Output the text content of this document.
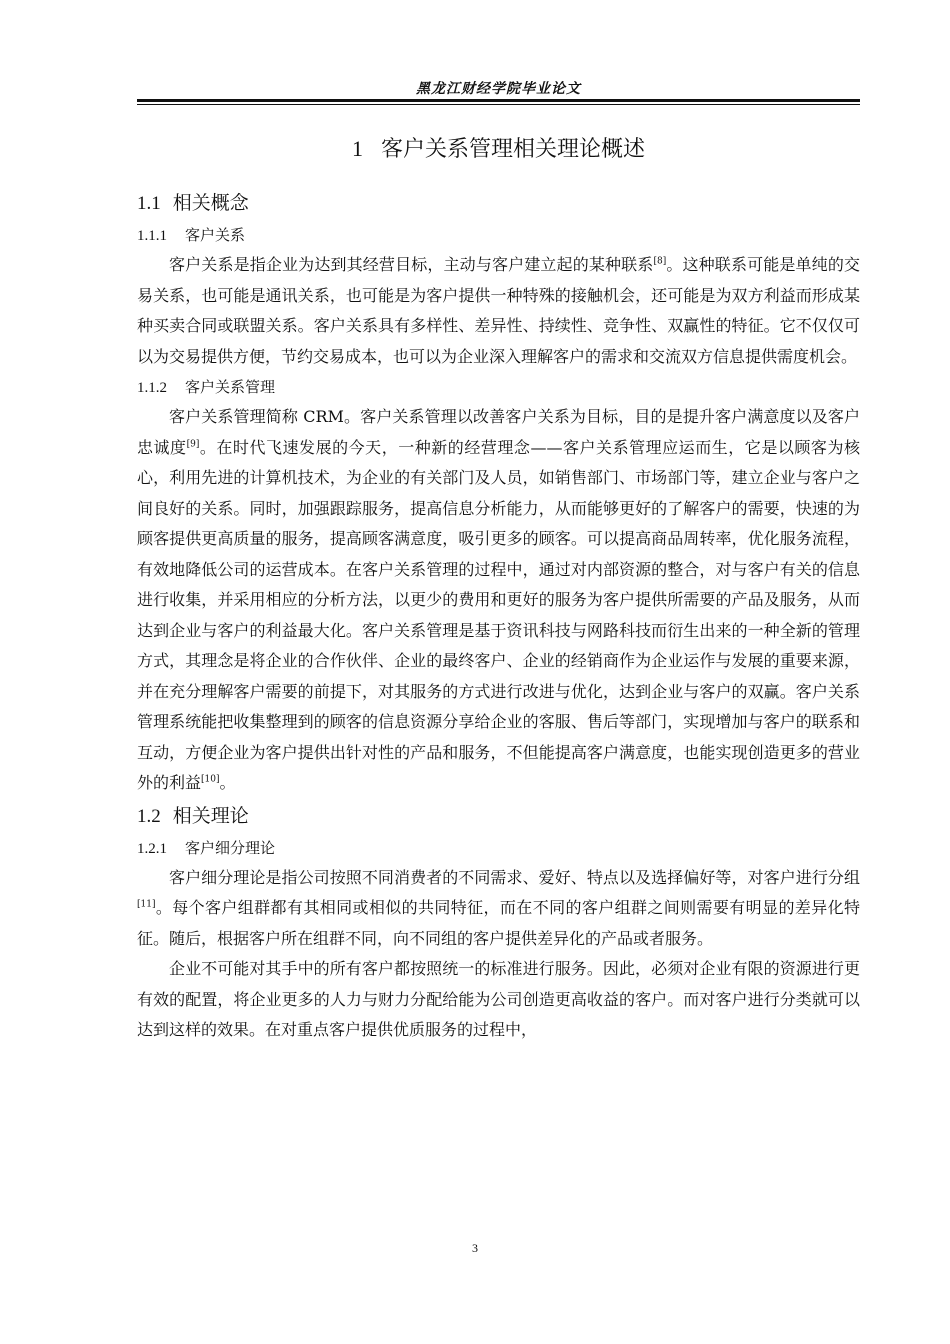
黑龙江财经学院毕业论文
1 客户关系管理相关理论概述
1.1 相关概念
1.1.1 客户关系

客户关系是指企业为达到其经营目标，主动与客户建立起的某种联系[8]。这种联系可能是单纯的交易关系，也可能是通讯关系，也可能是为客户提供一种特殊的接触机会，还可能是为双方利益而形成某种买卖合同或联盟关系。客户关系具有多样性、差异性、持续性、竞争性、双赢性的特征。它不仅仅可以为交易提供方便，节约交易成本，也可以为企业深入理解客户的需求和交流双方信息提供需度机会。

1.1.2 客户关系管理

客户关系管理简称 CRM。客户关系管理以改善客户关系为目标，目的是提升客户满意度以及客户忠诚度[9]。在时代飞速发展的今天，一种新的经营理念——客户关系管理应运而生，它是以顾客为核心，利用先进的计算机技术，为企业的有关部门及人员，如销售部门、市场部门等，建立企业与客户之间良好的关系。同时，加强跟踪服务，提高信息分析能力，从而能够更好的了解客户的需要，快速的为顾客提供更高质量的服务，提高顾客满意度，吸引更多的顾客。可以提高商品周转率，优化服务流程，有效地降低公司的运营成本。在客户关系管理的过程中，通过对内部资源的整合，对与客户有关的信息进行收集，并采用相应的分析方法，以更少的费用和更好的服务为客户提供所需要的产品及服务，从而达到企业与客户的利益最大化。客户关系管理是基于资讯科技与网路科技而衍生出来的一种全新的管理方式，其理念是将企业的合作伙伴、企业的最终客户、企业的经销商作为企业运作与发展的重要来源，并在充分理解客户需要的前提下，对其服务的方式进行改进与优化，达到企业与客户的双赢。客户关系管理系统能把收集整理到的顾客的信息资源分享给企业的客服、售后等部门，实现增加与客户的联系和互动，方便企业为客户提供出针对性的产品和服务，不但能提高客户满意度，也能实现创造更多的营业外的利益[10]。

1.2 相关理论
1.2.1 客户细分理论

客户细分理论是指公司按照不同消费者的不同需求、爱好、特点以及选择偏好等，对客户进行分组[11]。每个客户组群都有其相同或相似的共同特征，而在不同的客户组群之间则需要有明显的差异化特征。随后，根据客户所在组群不同，向不同组的客户提供差异化的产品或者服务。

企业不可能对其手中的所有客户都按照统一的标准进行服务。因此，必须对企业有限的资源进行更有效的配置，将企业更多的人力与财力分配给能为公司创造更高收益的客户。而对客户进行分类就可以达到这样的效果。在对重点客户提供优质服务的过程中，

3
